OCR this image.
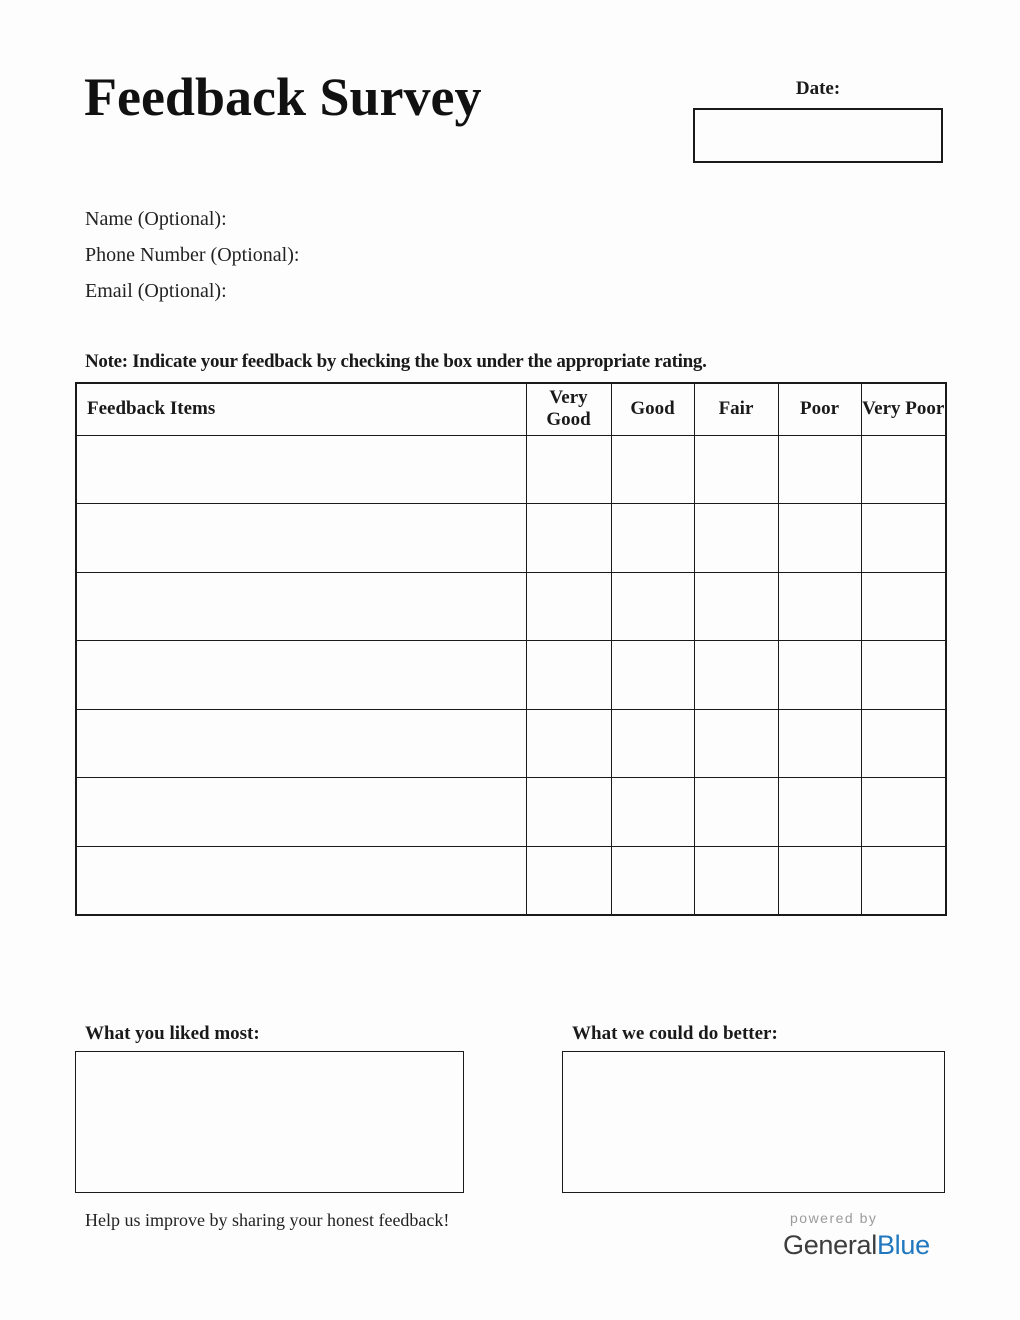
Feedback Survey	Date:
Name (Optional):
Phone Number (Optional):
Email (Optional):
Note: Indicate your feedback by checking the box under the appropriate rating.
Feedback Items	Very Good	Good	Fair	Poor	Very Poor

What you liked most:	What we could do better:
Help us improve by sharing your honest feedback!	powered by
GeneralBlue
